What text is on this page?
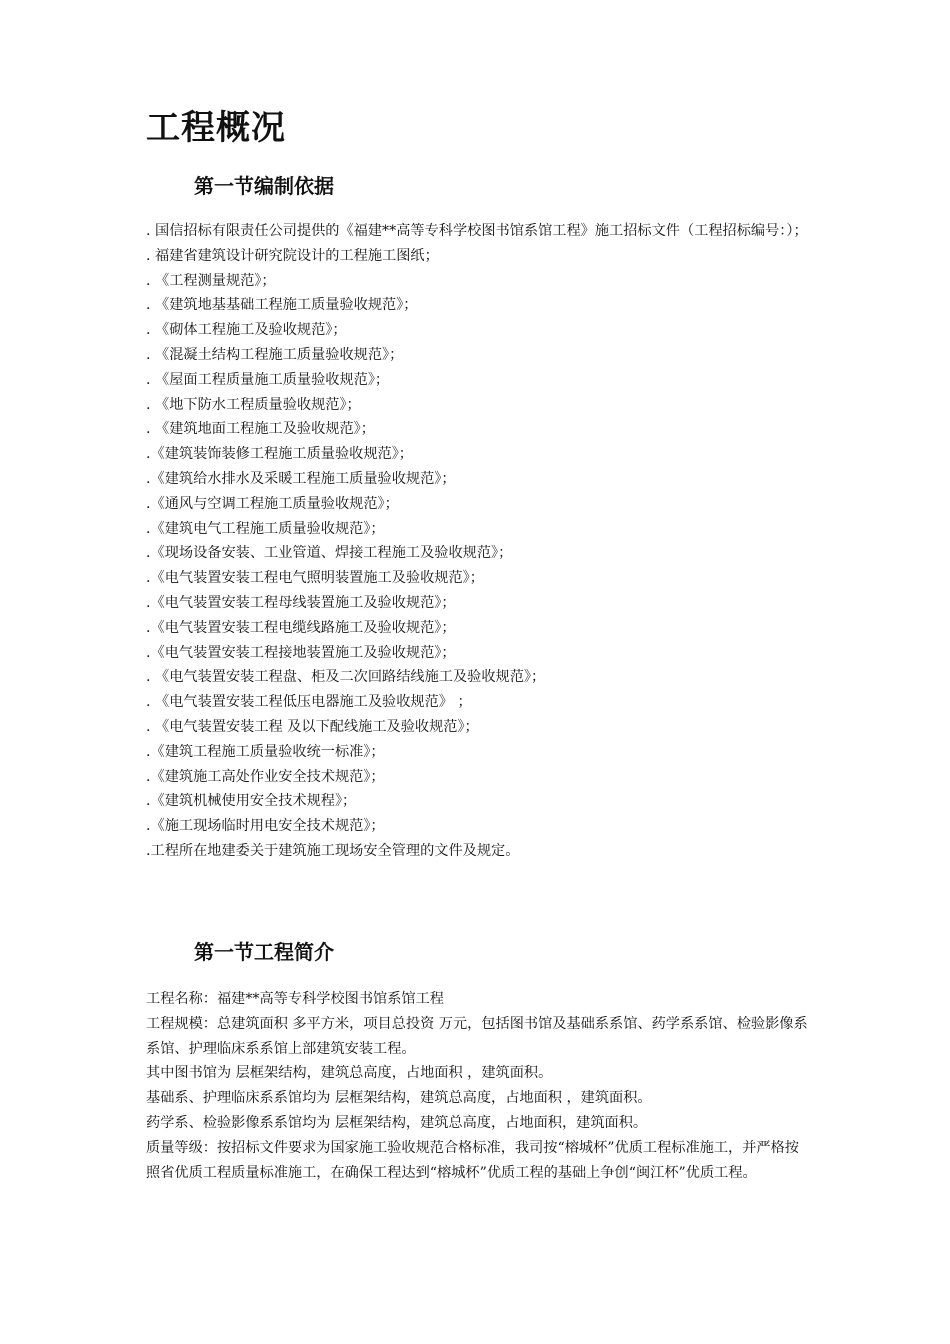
工程概况
第一节编制依据
. 国信招标有限责任公司提供的《福建**高等专科学校图书馆系馆工程》施工招标文件（工程招标编号：）；
. 福建省建筑设计研究院设计的工程施工图纸；
. 《工程测量规范》；
. 《建筑地基基础工程施工质量验收规范》；
. 《砌体工程施工及验收规范》；
. 《混凝土结构工程施工质量验收规范》；
. 《屋面工程质量施工质量验收规范》；
. 《地下防水工程质量验收规范》；
. 《建筑地面工程施工及验收规范》；
.《建筑装饰装修工程施工质量验收规范》；
.《建筑给水排水及采暖工程施工质量验收规范》；
.《通风与空调工程施工质量验收规范》；
.《建筑电气工程施工质量验收规范》；
.《现场设备安装、工业管道、焊接工程施工及验收规范》；
.《电气装置安装工程电气照明装置施工及验收规范》；
.《电气装置安装工程母线装置施工及验收规范》；
.《电气装置安装工程电缆线路施工及验收规范》；
.《电气装置安装工程接地装置施工及验收规范》；
. 《电气装置安装工程盘、柜及二次回路结线施工及验收规范》；
. 《电气装置安装工程低压电器施工及验收规范》 ；
. 《电气装置安装工程 及以下配线施工及验收规范》；
.《建筑工程施工质量验收统一标准》；
.《建筑施工高处作业安全技术规范》；
.《建筑机械使用安全技术规程》；
.《施工现场临时用电安全技术规范》；
.工程所在地建委关于建筑施工现场安全管理的文件及规定。
第一节工程简介
工程名称：福建**高等专科学校图书馆系馆工程
工程规模：总建筑面积 多平方米，项目总投资 万元，包括图书馆及基础系系馆、药学系系馆、检验影像系系馆、护理临床系系馆上部建筑安装工程。
其中图书馆为 层框架结构，建筑总高度，占地面积 ，建筑面积。
基础系、护理临床系系馆均为 层框架结构，建筑总高度，占地面积 ，建筑面积。
药学系、检验影像系系馆均为 层框架结构，建筑总高度，占地面积，建筑面积。
质量等级：按招标文件要求为国家施工验收规范合格标准，我司按“榕城杯”优质工程标准施工，并严格按照省优质工程质量标准施工，在确保工程达到“榕城杯”优质工程的基础上争创“闽江杯”优质工程。
